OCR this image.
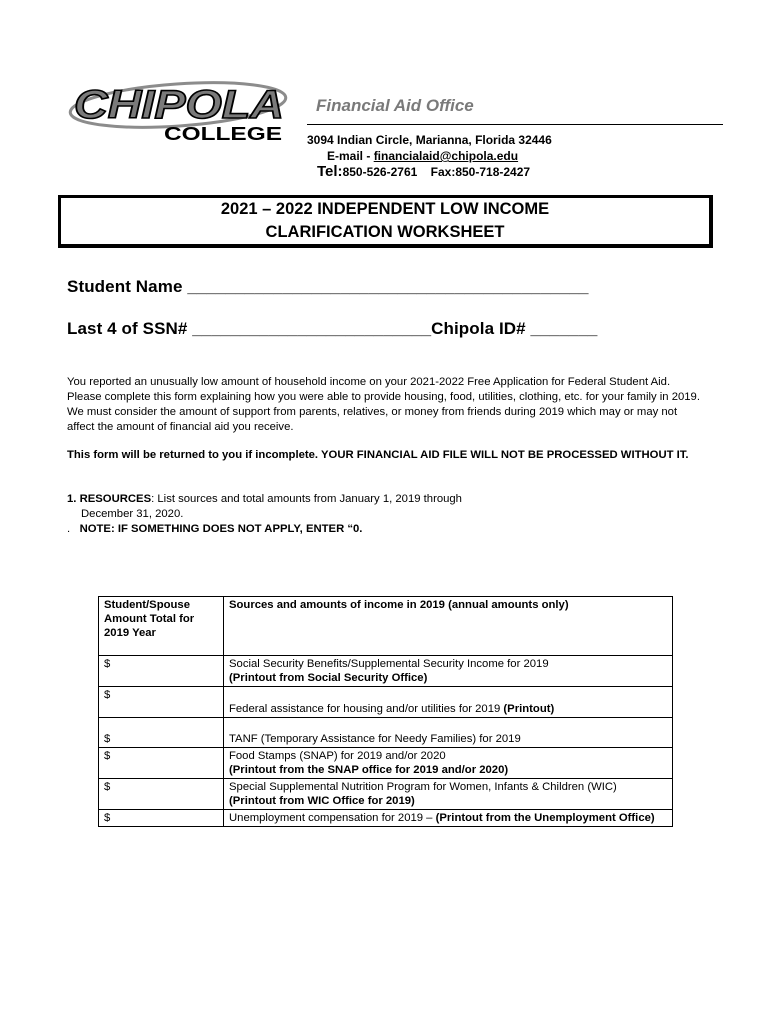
CHIPOLA
COLLEGE
Financial Aid Office
3094 Indian Circle, Marianna, Florida 32446
E-mail - financialaid@chipola.edu
Tel:850-526-2761 Fax:850-718-2427
2021 – 2022 INDEPENDENT LOW INCOME
CLARIFICATION WORKSHEET
Student Name __________________________________________
Last 4 of SSN# _________________________Chipola ID# _______
You reported an unusually low amount of household income on your 2021-2022 Free Application for Federal Student Aid. Please complete this form explaining how you were able to provide housing, food, utilities, clothing, etc. for your family in 2019. We must consider the amount of support from parents, relatives, or money from friends during 2019 which may or may not affect the amount of financial aid you receive.
This form will be returned to you if incomplete. YOUR FINANCIAL AID FILE WILL NOT BE PROCESSED WITHOUT IT.
1. RESOURCES: List sources and total amounts from January 1, 2019 through
December 31, 2020.
. NOTE: IF SOMETHING DOES NOT APPLY, ENTER “0.
Student/Spouse Amount Total for 2019 Year	Sources and amounts of income in 2019 (annual amounts only)
$	Social Security Benefits/Supplemental Security Income for 2019
(Printout from Social Security Office)
$	Federal assistance for housing and/or utilities for 2019 (Printout)
$	TANF (Temporary Assistance for Needy Families) for 2019
$	Food Stamps (SNAP) for 2019 and/or 2020
(Printout from the SNAP office for 2019 and/or 2020)
$	Special Supplemental Nutrition Program for Women, Infants & Children (WIC)
(Printout from WIC Office for 2019)
$	Unemployment compensation for 2019 – (Printout from the Unemployment Office)
